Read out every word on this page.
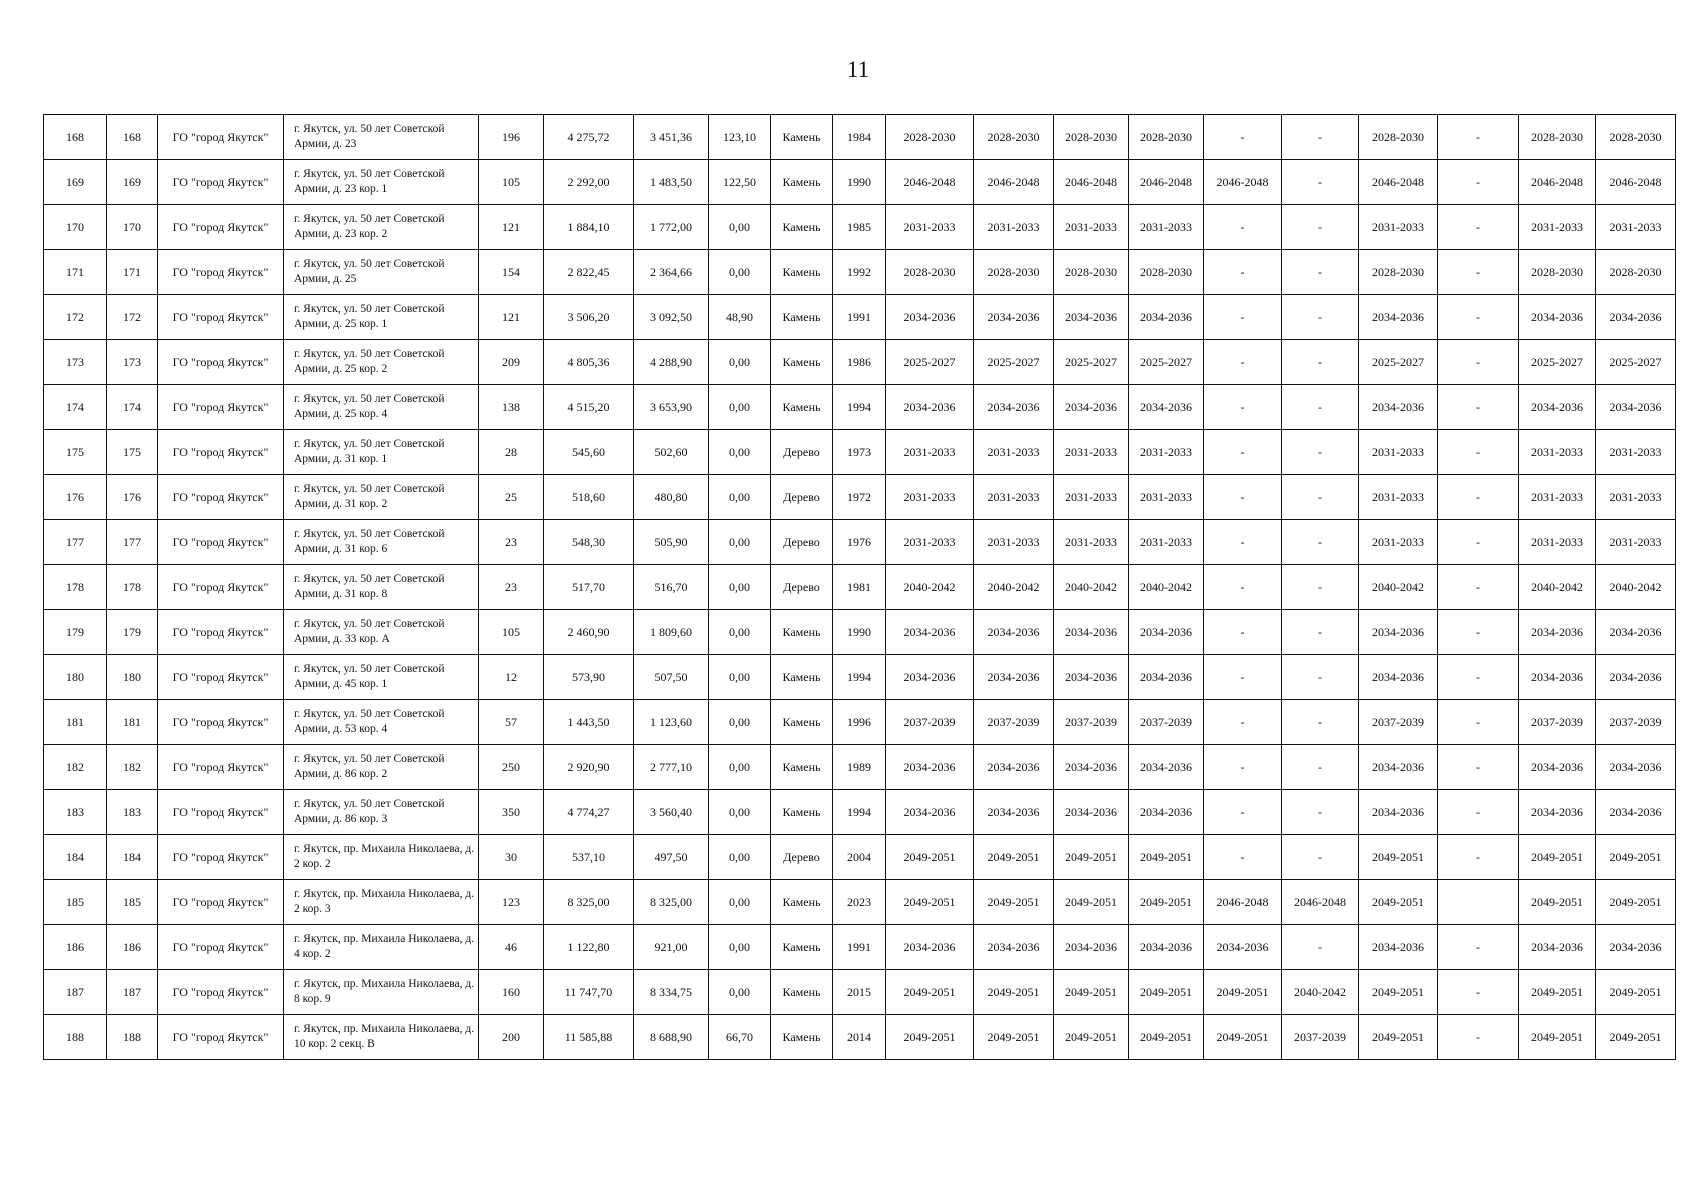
11
168	168	ГО "город Якутск"	г. Якутск, ул. 50 лет Советской Армии, д. 23	196	4 275,72	3 451,36	123,10	Камень	1984	2028-2030	2028-2030	2028-2030	2028-2030	-	-	2028-2030	-	2028-2030	2028-2030
169	169	ГО "город Якутск"	г. Якутск, ул. 50 лет Советской Армии, д. 23 кор. 1	105	2 292,00	1 483,50	122,50	Камень	1990	2046-2048	2046-2048	2046-2048	2046-2048	2046-2048	-	2046-2048	-	2046-2048	2046-2048
170	170	ГО "город Якутск"	г. Якутск, ул. 50 лет Советской Армии, д. 23 кор. 2	121	1 884,10	1 772,00	0,00	Камень	1985	2031-2033	2031-2033	2031-2033	2031-2033	-	-	2031-2033	-	2031-2033	2031-2033
171	171	ГО "город Якутск"	г. Якутск, ул. 50 лет Советской Армии, д. 25	154	2 822,45	2 364,66	0,00	Камень	1992	2028-2030	2028-2030	2028-2030	2028-2030	-	-	2028-2030	-	2028-2030	2028-2030
172	172	ГО "город Якутск"	г. Якутск, ул. 50 лет Советской Армии, д. 25 кор. 1	121	3 506,20	3 092,50	48,90	Камень	1991	2034-2036	2034-2036	2034-2036	2034-2036	-	-	2034-2036	-	2034-2036	2034-2036
173	173	ГО "город Якутск"	г. Якутск, ул. 50 лет Советской Армии, д. 25 кор. 2	209	4 805,36	4 288,90	0,00	Камень	1986	2025-2027	2025-2027	2025-2027	2025-2027	-	-	2025-2027	-	2025-2027	2025-2027
174	174	ГО "город Якутск"	г. Якутск, ул. 50 лет Советской Армии, д. 25 кор. 4	138	4 515,20	3 653,90	0,00	Камень	1994	2034-2036	2034-2036	2034-2036	2034-2036	-	-	2034-2036	-	2034-2036	2034-2036
175	175	ГО "город Якутск"	г. Якутск, ул. 50 лет Советской Армии, д. 31 кор. 1	28	545,60	502,60	0,00	Дерево	1973	2031-2033	2031-2033	2031-2033	2031-2033	-	-	2031-2033	-	2031-2033	2031-2033
176	176	ГО "город Якутск"	г. Якутск, ул. 50 лет Советской Армии, д. 31 кор. 2	25	518,60	480,80	0,00	Дерево	1972	2031-2033	2031-2033	2031-2033	2031-2033	-	-	2031-2033	-	2031-2033	2031-2033
177	177	ГО "город Якутск"	г. Якутск, ул. 50 лет Советской Армии, д. 31 кор. 6	23	548,30	505,90	0,00	Дерево	1976	2031-2033	2031-2033	2031-2033	2031-2033	-	-	2031-2033	-	2031-2033	2031-2033
178	178	ГО "город Якутск"	г. Якутск, ул. 50 лет Советской Армии, д. 31 кор. 8	23	517,70	516,70	0,00	Дерево	1981	2040-2042	2040-2042	2040-2042	2040-2042	-	-	2040-2042	-	2040-2042	2040-2042
179	179	ГО "город Якутск"	г. Якутск, ул. 50 лет Советской Армии, д. 33 кор. А	105	2 460,90	1 809,60	0,00	Камень	1990	2034-2036	2034-2036	2034-2036	2034-2036	-	-	2034-2036	-	2034-2036	2034-2036
180	180	ГО "город Якутск"	г. Якутск, ул. 50 лет Советской Армии, д. 45 кор. 1	12	573,90	507,50	0,00	Камень	1994	2034-2036	2034-2036	2034-2036	2034-2036	-	-	2034-2036	-	2034-2036	2034-2036
181	181	ГО "город Якутск"	г. Якутск, ул. 50 лет Советской Армии, д. 53 кор. 4	57	1 443,50	1 123,60	0,00	Камень	1996	2037-2039	2037-2039	2037-2039	2037-2039	-	-	2037-2039	-	2037-2039	2037-2039
182	182	ГО "город Якутск"	г. Якутск, ул. 50 лет Советской Армии, д. 86 кор. 2	250	2 920,90	2 777,10	0,00	Камень	1989	2034-2036	2034-2036	2034-2036	2034-2036	-	-	2034-2036	-	2034-2036	2034-2036
183	183	ГО "город Якутск"	г. Якутск, ул. 50 лет Советской Армии, д. 86 кор. 3	350	4 774,27	3 560,40	0,00	Камень	1994	2034-2036	2034-2036	2034-2036	2034-2036	-	-	2034-2036	-	2034-2036	2034-2036
184	184	ГО "город Якутск"	г. Якутск, пр. Михаила Николаева, д. 2 кор. 2	30	537,10	497,50	0,00	Дерево	2004	2049-2051	2049-2051	2049-2051	2049-2051	-	-	2049-2051	-	2049-2051	2049-2051
185	185	ГО "город Якутск"	г. Якутск, пр. Михаила Николаева, д. 2 кор. 3	123	8 325,00	8 325,00	0,00	Камень	2023	2049-2051	2049-2051	2049-2051	2049-2051	2046-2048	2046-2048	2049-2051		2049-2051	2049-2051
186	186	ГО "город Якутск"	г. Якутск, пр. Михаила Николаева, д. 4 кор. 2	46	1 122,80	921,00	0,00	Камень	1991	2034-2036	2034-2036	2034-2036	2034-2036	2034-2036	-	2034-2036	-	2034-2036	2034-2036
187	187	ГО "город Якутск"	г. Якутск, пр. Михаила Николаева, д. 8 кор. 9	160	11 747,70	8 334,75	0,00	Камень	2015	2049-2051	2049-2051	2049-2051	2049-2051	2049-2051	2040-2042	2049-2051	-	2049-2051	2049-2051
188	188	ГО "город Якутск"	г. Якутск, пр. Михаила Николаева, д. 10 кор. 2 секц. В	200	11 585,88	8 688,90	66,70	Камень	2014	2049-2051	2049-2051	2049-2051	2049-2051	2049-2051	2037-2039	2049-2051	-	2049-2051	2049-2051
